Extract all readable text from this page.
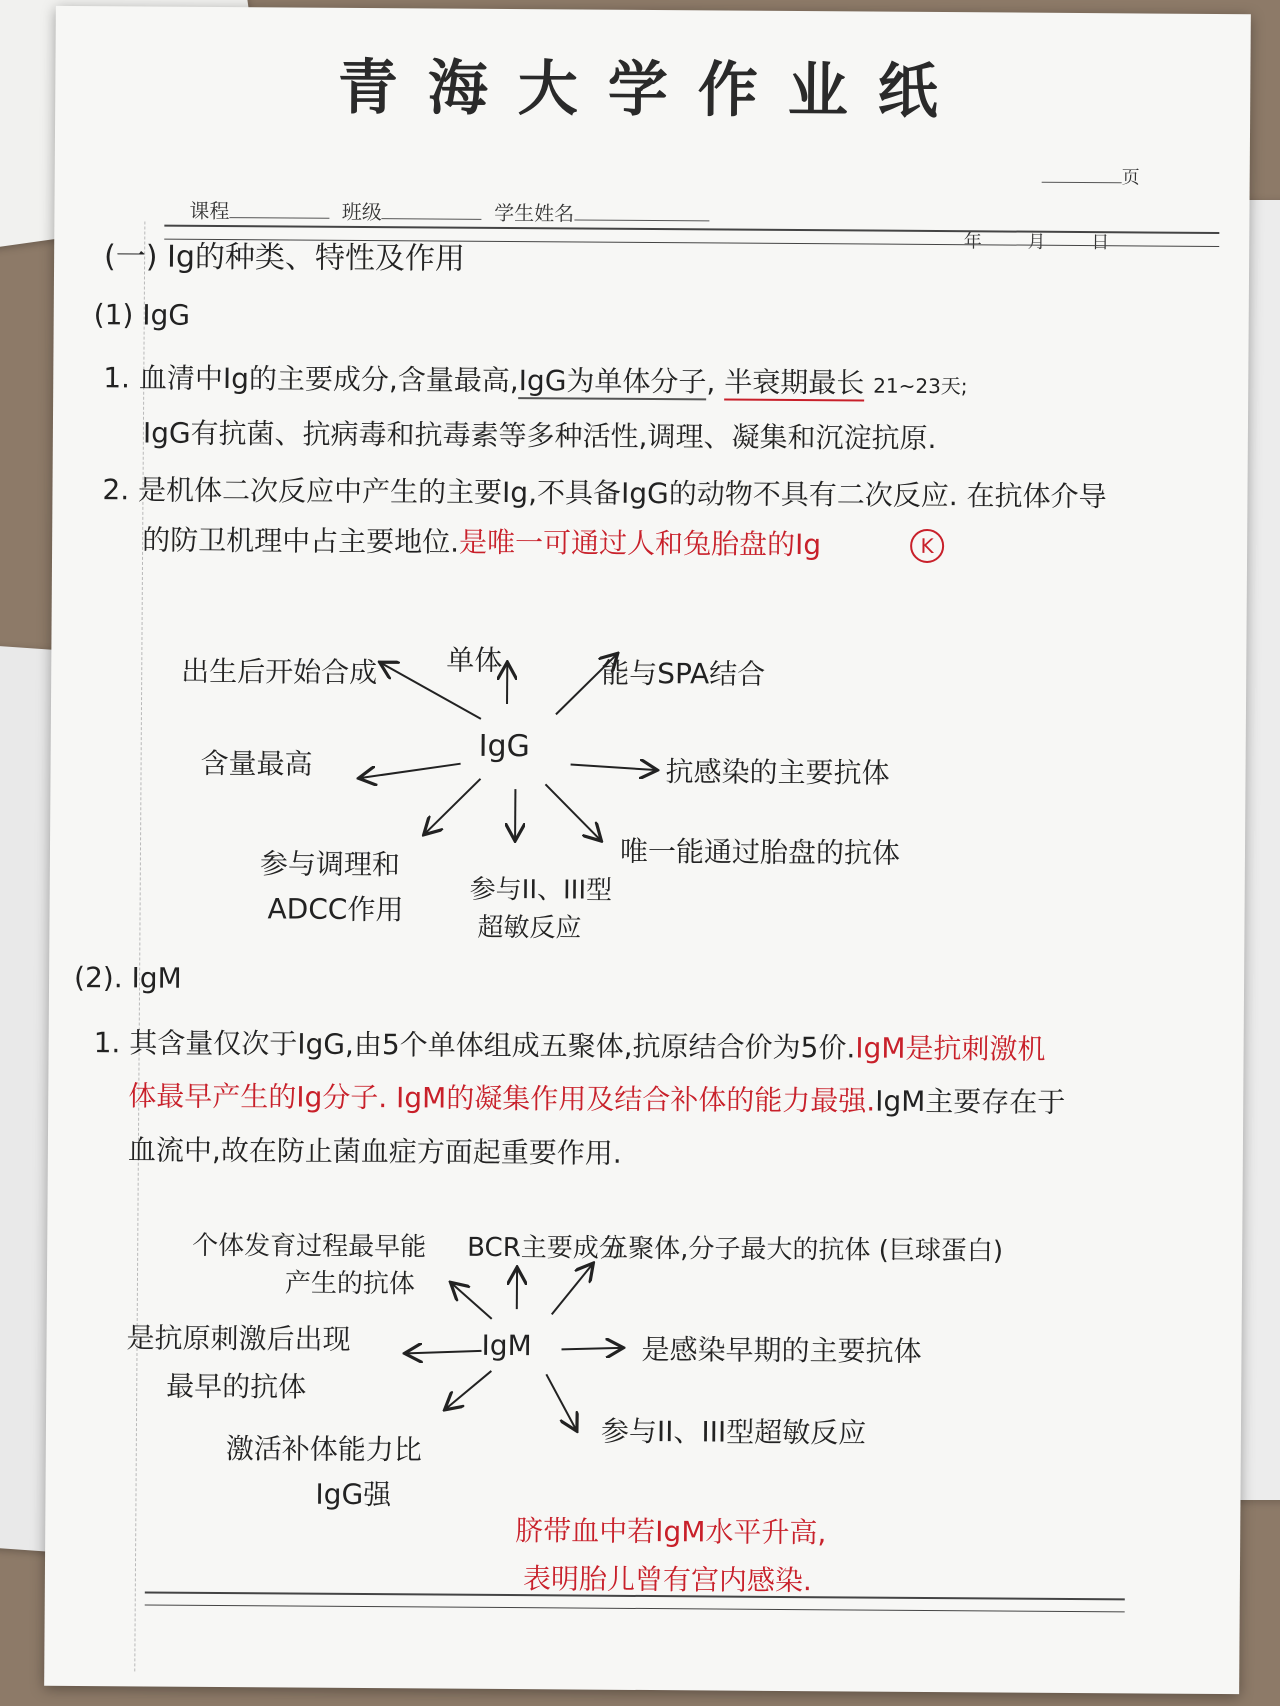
青海大学作业纸
页
课程	班级	学生姓名
年	月	日
(一) Ig的种类、特性及作用
(1) IgG
1. 血清中Ig的主要成分,含量最高,IgG为单体分子, 半衰期最长 21~23天;
IgG有抗菌、抗病毒和抗毒素等多种活性,调理、凝集和沉淀抗原.
2. 是机体二次反应中产生的主要Ig,不具备IgG的动物不具有二次反应. 在抗体介导
的防卫机理中占主要地位.是唯一可通过人和兔胎盘的Ig	K
IgG
单体
出生后开始合成	能与SPA结合
含量最高	抗感染的主要抗体
参与调理和
ADCC作用
参与II、III型
超敏反应
唯一能通过胎盘的抗体
(2). IgM
1. 其含量仅次于IgG,由5个单体组成五聚体,抗原结合价为5价.IgM是抗刺激机
体最早产生的Ig分子. IgM的凝集作用及结合补体的能力最强.IgM主要存在于
血流中,故在防止菌血症方面起重要作用.
IgM
BCR主要成分
个体发育过程最早能
产生的抗体
五聚体,分子最大的抗体 (巨球蛋白)
是抗原刺激后出现
最早的抗体
是感染早期的主要抗体
激活补体能力比
IgG强
参与II、III型超敏反应
脐带血中若IgM水平升高,
表明胎儿曾有宫内感染.
